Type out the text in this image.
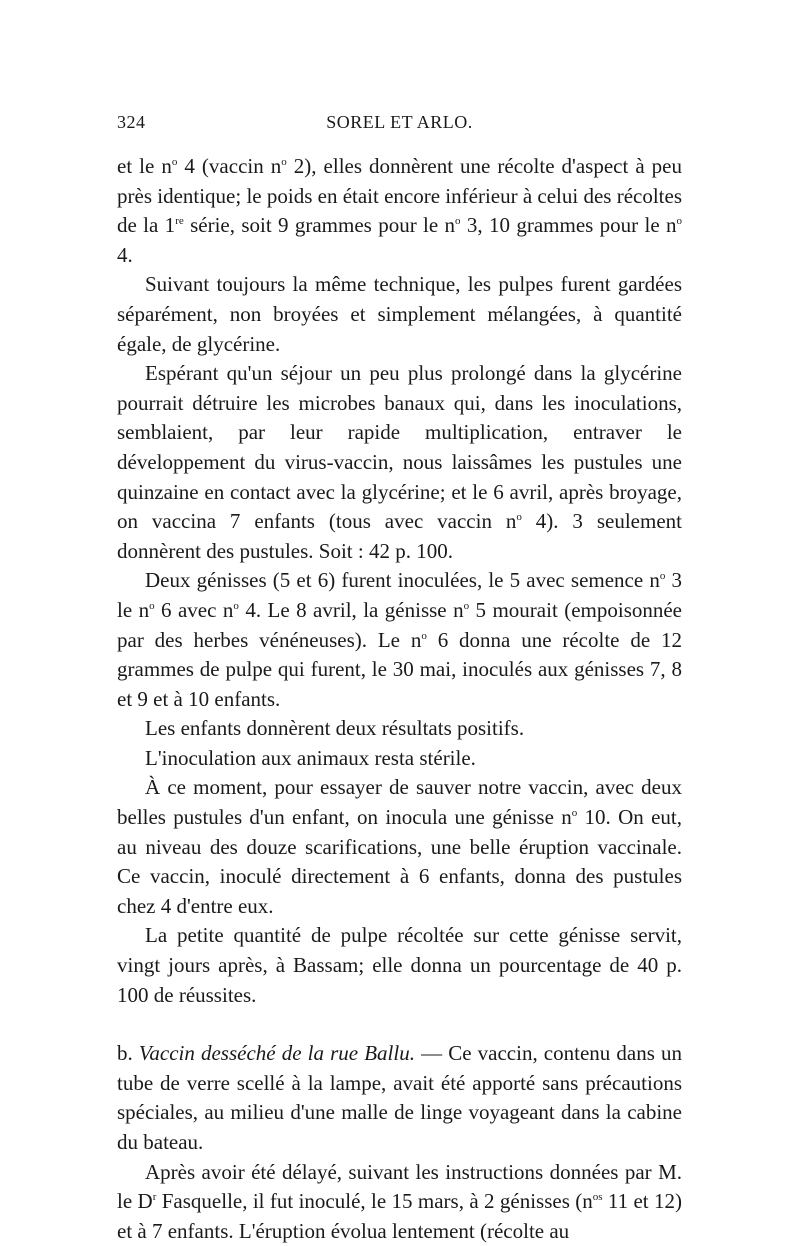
324	SOREL ET ARLO.

et le $n^o$ 4 (vaccin $n^o$ 2), elles donnèrent une récolte d'aspect à peu près identique; le poids en était encore inférieur à celui des récoltes de la 1re série, soit 9 grammes pour le $n^o$ 3, 10 grammes pour le $n^o$ 4.

Suivant toujours la même technique, les pulpes furent gardées séparément, non broyées et simplement mélangées, à quantité égale, de glycérine.

Espérant qu'un séjour un peu plus prolongé dans la glycérine pourrait détruire les microbes banaux qui, dans les inoculations, semblaient, par leur rapide multiplication, entraver le développement du virus-vaccin, nous laissâmes les pustules une quinzaine en contact avec la glycérine; et le 6 avril, après broyage, on vaccina 7 enfants (tous avec vaccin $n^o$ 4). 3 seulement donnèrent des pustules. Soit : 42 p. 100.

Deux génisses (5 et 6) furent inoculées, le 5 avec semence $n^o$ 3 le $n^o$ 6 avec $n^o$ 4. Le 8 avril, la génisse $n^o$ 5 mourait (empoisonnée par des herbes vénéneuses). Le $n^o$ 6 donna une récolte de 12 grammes de pulpe qui furent, le 30 mai, inoculés aux génisses 7, 8 et 9 et à 10 enfants.

Les enfants donnèrent deux résultats positifs.

L'inoculation aux animaux resta stérile.

À ce moment, pour essayer de sauver notre vaccin, avec deux belles pustules d'un enfant, on inocula une génisse $n^o$ 10. On eut, au niveau des douze scarifications, une belle éruption vaccinale. Ce vaccin, inoculé directement à 6 enfants, donna des pustules chez 4 d'entre eux.

La petite quantité de pulpe récoltée sur cette génisse servit, vingt jours après, à Bassam; elle donna un pourcentage de 40 p. 100 de réussites.

b. Vaccin desséché de la rue Ballu. — Ce vaccin, contenu dans un tube de verre scellé à la lampe, avait été apporté sans précautions spéciales, au milieu d'une malle de linge voyageant dans la cabine du bateau.

Après avoir été délayé, suivant les instructions données par M. le $D^r$ Fasquelle, il fut inoculé, le 15 mars, à 2 génisses ($n^{os}$ 11 et 12) et à 7 enfants. L'éruption évolua lentement (récolte au
